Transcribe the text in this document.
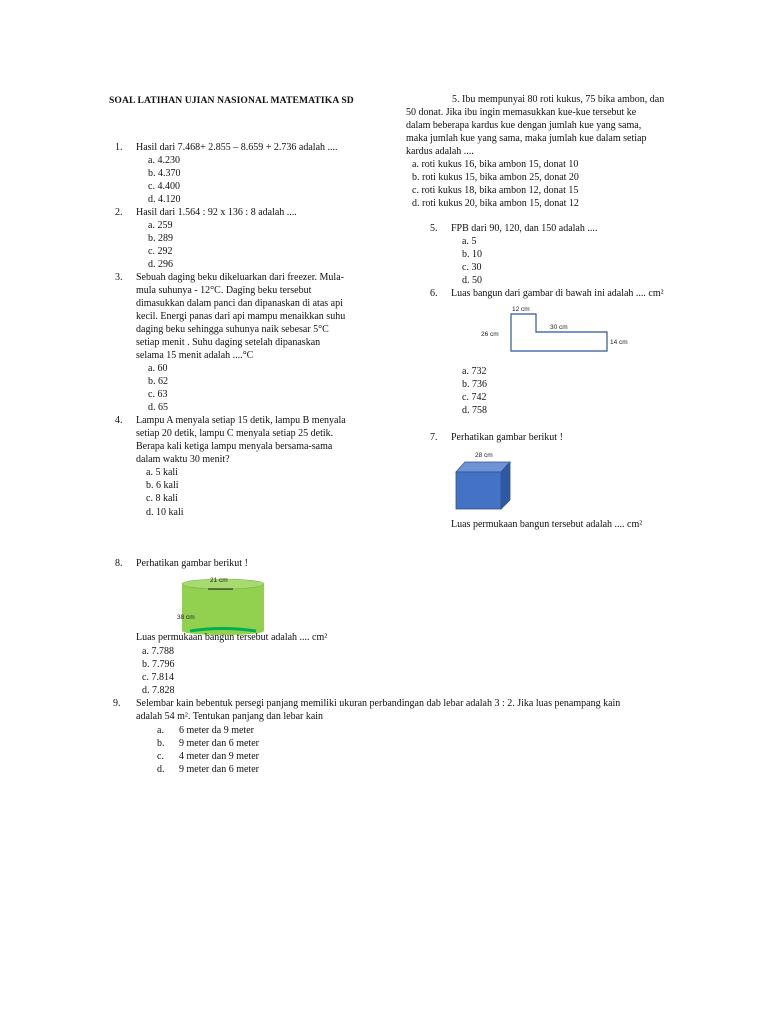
SOAL LATIHAN UJIAN NASIONAL MATEMATIKA SD
1. Hasil dari 7.468+ 2.855 – 8.659 + 2.736 adalah ....
a. 4.230
b. 4.370
c. 4.400
d. 4.120
2. Hasil dari 1.564 : 92 x 136 : 8 adalah ....
a. 259
b. 289
c. 292
d. 296
3. Sebuah daging beku dikeluarkan dari freezer. Mula-
mula suhunya - 12°C. Daging beku tersebut
dimasukkan dalam panci dan dipanaskan di atas api
kecil. Energi panas dari api mampu menaikkan suhu
daging beku sehingga suhunya naik sebesar 5°C
setiap menit . Suhu daging setelah dipanaskan
selama 15 menit adalah ....°C
a. 60
b. 62
c. 63
d. 65
4. Lampu A menyala setiap 15 detik, lampu B menyala
setiap 20 detik, lampu C menyala setiap 25 detik.
Berapa kali ketiga lampu menyala bersama-sama
dalam waktu 30 menit?
a. 5 kali
b. 6 kali
c. 8 kali
d. 10 kali
5. Ibu mempunyai 80 roti kukus, 75 bika ambon, dan
50 donat. Jika ibu ingin memasukkan kue-kue tersebut ke
dalam beberapa kardus kue dengan jumlah kue yang sama,
maka jumlah kue yang sama, maka jumlah kue dalam setiap
kardus adalah ....
a. roti kukus 16, bika ambon 15, donat 10
b. roti kukus 15, bika ambon 25, donat 20
c. roti kukus 18, bika ambon 12, donat 15
d. roti kukus 20, bika ambon 15, donat 12
5. FPB dari 90, 120, dan 150 adalah ....
a. 5
b. 10
c. 30
d. 50
6. Luas bangun dari gambar di bawah ini adalah .... cm²
12 cm
30 cm
26 cm
14 cm
a. 732
b. 736
c. 742
d. 758
7. Perhatikan gambar berikut !
28 cm
Luas permukaan bangun tersebut adalah .... cm²
8. Perhatikan gambar berikut !
21 cm
38 cm
Luas permukaan bangun tersebut adalah .... cm²
a. 7.788
b. 7.796
c. 7.814
d. 7.828
9. Selembar kain bebentuk persegi panjang memiliki ukuran perbandingan dab lebar adalah 3 : 2. Jika luas penampang kain
adalah 54 m². Tentukan panjang dan lebar kain
a. 6 meter da 9 meter
b. 9 meter dan 6 meter
c. 4 meter dan 9 meter
d. 9 meter dan 6 meter
